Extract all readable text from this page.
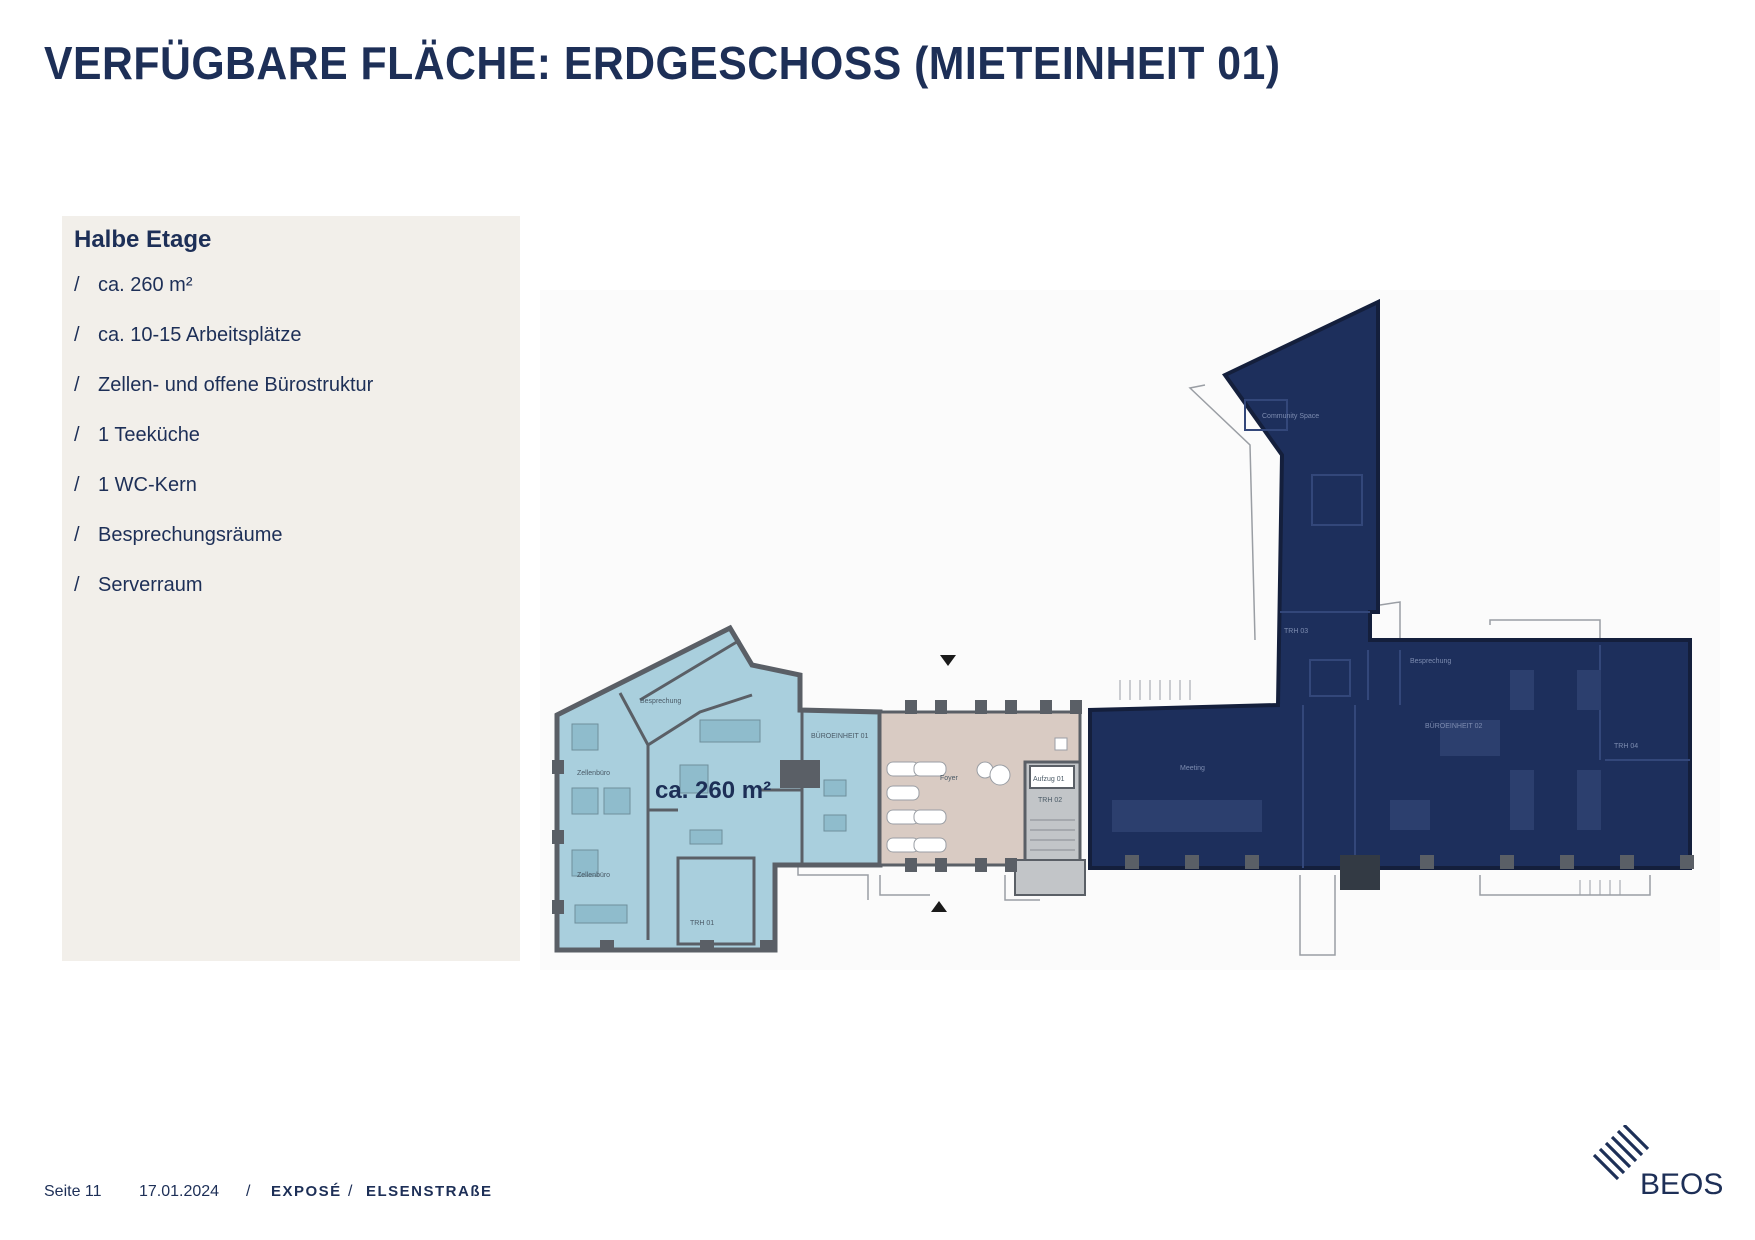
VERFÜGBARE FLÄCHE: ERDGESCHOSS (MIETEINHEIT 01)
Halbe Etage
/ ca. 260 m²
/ ca. 10-15 Arbeitsplätze
/ Zellen- und offene Bürostruktur
/ 1 Teeküche
/ 1 WC-Kern
/ Besprechungsräume
/ Serverraum
Besprechung
Zellenbüro
Zellenbüro
BÜROEINHEIT 01
TRH 01
Foyer	Aufzug 01
TRH 02
Community Space
TRH 03
Besprechung
Meeting
BÜROEINHEIT 02
TRH 04
ca. 260 m²
Seite 11 17.01.2024 / EXPOSÉ / ELSENSTRAßE	BEOS
